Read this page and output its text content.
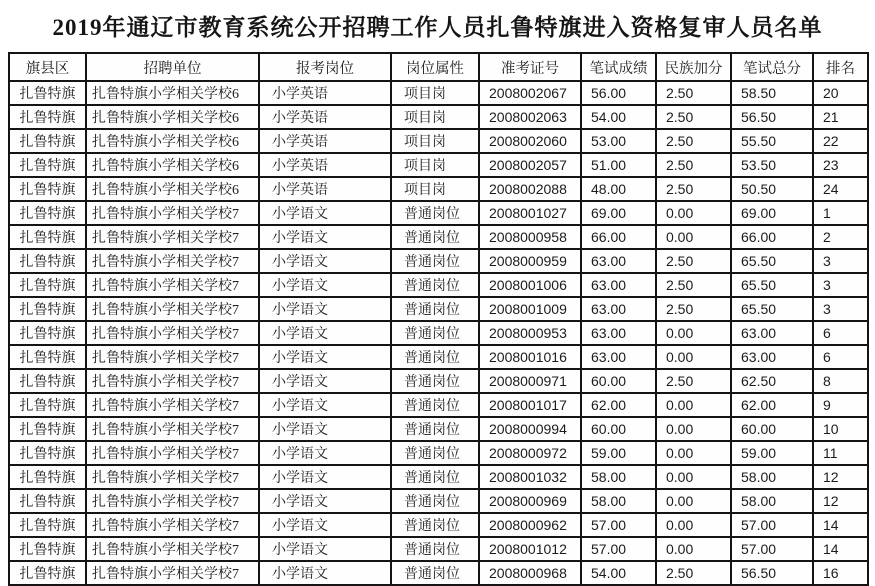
2019年通辽市教育系统公开招聘工作人员扎鲁特旗进入资格复审人员名单
旗县区	招聘单位	报考岗位	岗位属性	准考证号	笔试成绩	民族加分	笔试总分	排名
扎鲁特旗	扎鲁特旗小学相关学校6	小学英语	项目岗	2008002067	56.00	2.50	58.50	20
扎鲁特旗	扎鲁特旗小学相关学校6	小学英语	项目岗	2008002063	54.00	2.50	56.50	21
扎鲁特旗	扎鲁特旗小学相关学校6	小学英语	项目岗	2008002060	53.00	2.50	55.50	22
扎鲁特旗	扎鲁特旗小学相关学校6	小学英语	项目岗	2008002057	51.00	2.50	53.50	23
扎鲁特旗	扎鲁特旗小学相关学校6	小学英语	项目岗	2008002088	48.00	2.50	50.50	24
扎鲁特旗	扎鲁特旗小学相关学校7	小学语文	普通岗位	2008001027	69.00	0.00	69.00	1
扎鲁特旗	扎鲁特旗小学相关学校7	小学语文	普通岗位	2008000958	66.00	0.00	66.00	2
扎鲁特旗	扎鲁特旗小学相关学校7	小学语文	普通岗位	2008000959	63.00	2.50	65.50	3
扎鲁特旗	扎鲁特旗小学相关学校7	小学语文	普通岗位	2008001006	63.00	2.50	65.50	3
扎鲁特旗	扎鲁特旗小学相关学校7	小学语文	普通岗位	2008001009	63.00	2.50	65.50	3
扎鲁特旗	扎鲁特旗小学相关学校7	小学语文	普通岗位	2008000953	63.00	0.00	63.00	6
扎鲁特旗	扎鲁特旗小学相关学校7	小学语文	普通岗位	2008001016	63.00	0.00	63.00	6
扎鲁特旗	扎鲁特旗小学相关学校7	小学语文	普通岗位	2008000971	60.00	2.50	62.50	8
扎鲁特旗	扎鲁特旗小学相关学校7	小学语文	普通岗位	2008001017	62.00	0.00	62.00	9
扎鲁特旗	扎鲁特旗小学相关学校7	小学语文	普通岗位	2008000994	60.00	0.00	60.00	10
扎鲁特旗	扎鲁特旗小学相关学校7	小学语文	普通岗位	2008000972	59.00	0.00	59.00	11
扎鲁特旗	扎鲁特旗小学相关学校7	小学语文	普通岗位	2008001032	58.00	0.00	58.00	12
扎鲁特旗	扎鲁特旗小学相关学校7	小学语文	普通岗位	2008000969	58.00	0.00	58.00	12
扎鲁特旗	扎鲁特旗小学相关学校7	小学语文	普通岗位	2008000962	57.00	0.00	57.00	14
扎鲁特旗	扎鲁特旗小学相关学校7	小学语文	普通岗位	2008001012	57.00	0.00	57.00	14
扎鲁特旗	扎鲁特旗小学相关学校7	小学语文	普通岗位	2008000968	54.00	2.50	56.50	16
